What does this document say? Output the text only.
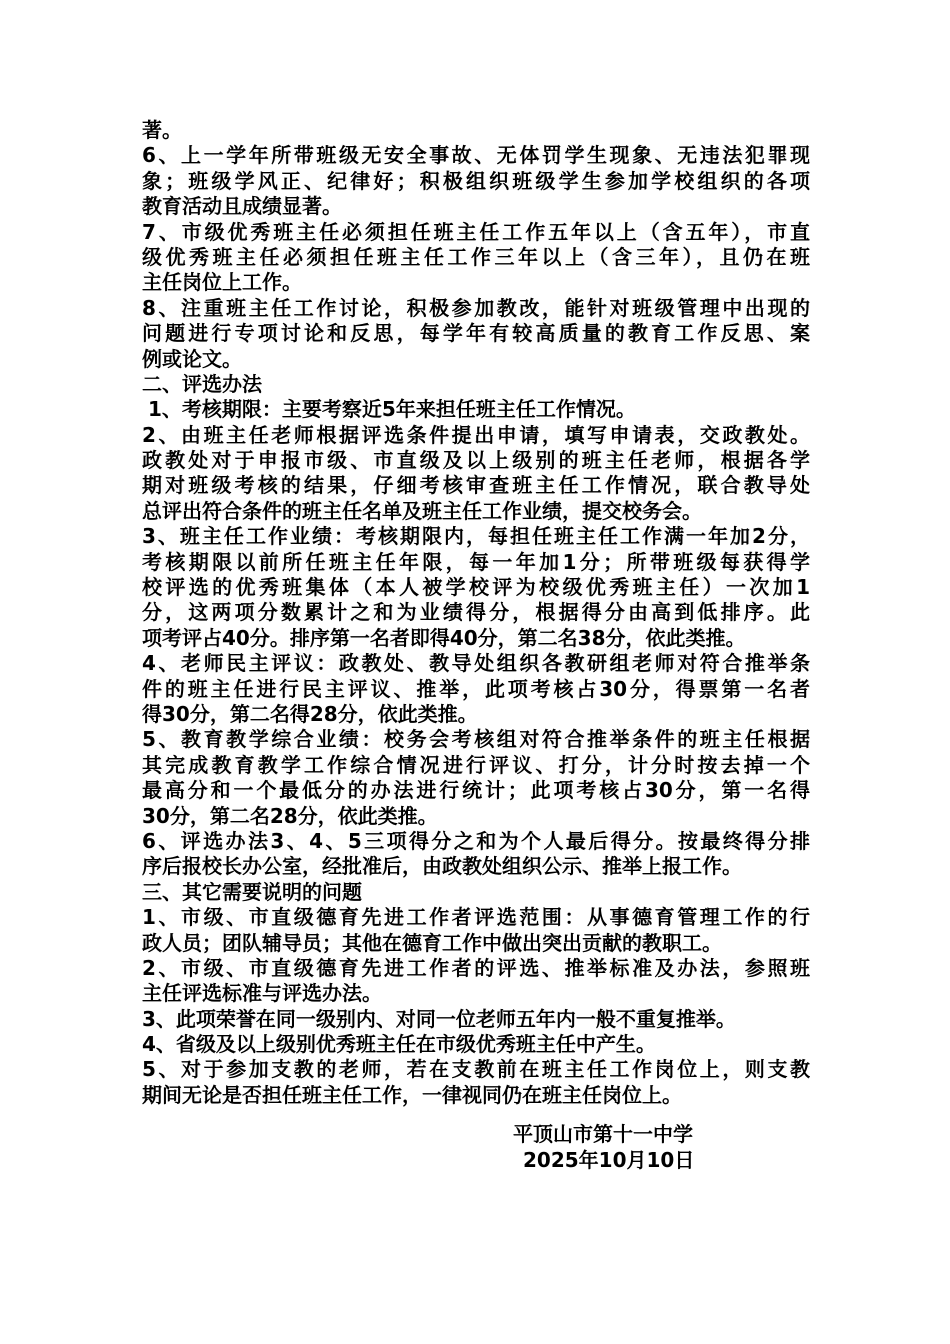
著。
6、上一学年所带班级无安全事故、无体罚学生现象、无违法犯罪现
象；班级学风正、纪律好；积极组织班级学生参加学校组织的各项
教育活动且成绩显著。
7、市级优秀班主任必须担任班主任工作五年以上（含五年），市直
级优秀班主任必须担任班主任工作三年以上（含三年），且仍在班
主任岗位上工作。
8、注重班主任工作讨论，积极参加教改，能针对班级管理中出现的
问题进行专项讨论和反思，每学年有较高质量的教育工作反思、案
例或论文。
二、评选办法
1、考核期限：主要考察近5年来担任班主任工作情况。
2、由班主任老师根据评选条件提出申请，填写申请表，交政教处。
政教处对于申报市级、市直级及以上级别的班主任老师，根据各学
期对班级考核的结果，仔细考核审查班主任工作情况，联合教导处
总评出符合条件的班主任名单及班主任工作业绩，提交校务会。
3、班主任工作业绩：考核期限内，每担任班主任工作满一年加2分，
考核期限以前所任班主任年限，每一年加1分；所带班级每获得学
校评选的优秀班集体（本人被学校评为校级优秀班主任）一次加1
分，这两项分数累计之和为业绩得分，根据得分由高到低排序。此
项考评占40分。排序第一名者即得40分，第二名38分，依此类推。
4、老师民主评议：政教处、教导处组织各教研组老师对符合推举条
件的班主任进行民主评议、推举，此项考核占30分，得票第一名者
得30分，第二名得28分，依此类推。
5、教育教学综合业绩：校务会考核组对符合推举条件的班主任根据
其完成教育教学工作综合情况进行评议、打分，计分时按去掉一个
最高分和一个最低分的办法进行统计；此项考核占30分，第一名得
30分，第二名28分，依此类推。
6、评选办法3、4、5三项得分之和为个人最后得分。按最终得分排
序后报校长办公室，经批准后，由政教处组织公示、推举上报工作。
三、其它需要说明的问题
1、市级、市直级德育先进工作者评选范围：从事德育管理工作的行
政人员；团队辅导员；其他在德育工作中做出突出贡献的教职工。
2、市级、市直级德育先进工作者的评选、推举标准及办法，参照班
主任评选标准与评选办法。
3、此项荣誉在同一级别内、对同一位老师五年内一般不重复推举。
4、省级及以上级别优秀班主任在市级优秀班主任中产生。
5、对于参加支教的老师，若在支教前在班主任工作岗位上，则支教
期间无论是否担任班主任工作，一律视同仍在班主任岗位上。
平顶山市第十一中学
2025年10月10日
